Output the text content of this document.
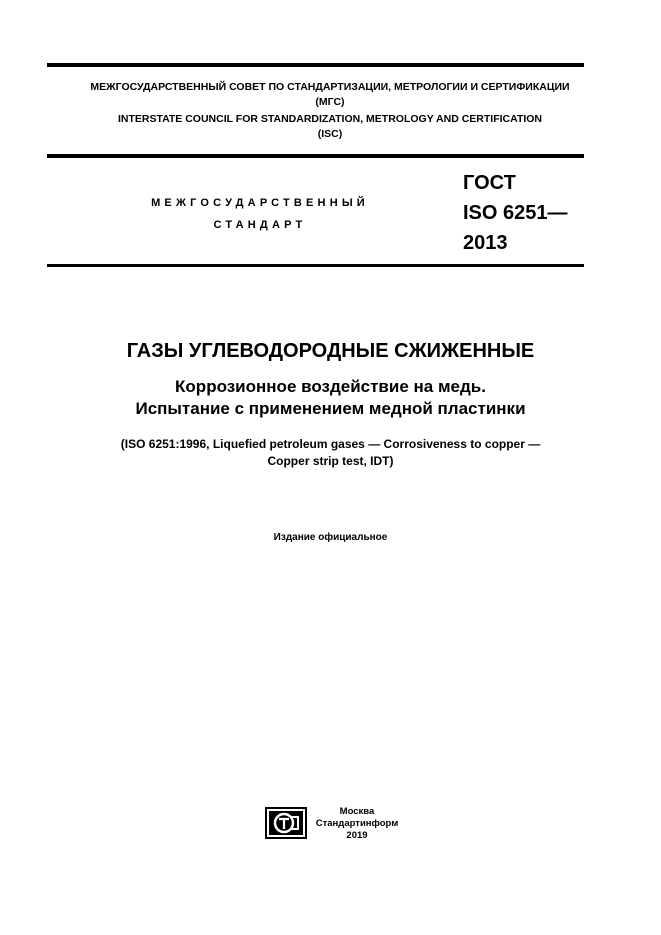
МЕЖГОСУДАРСТВЕННЫЙ СОВЕТ ПО СТАНДАРТИЗАЦИИ, МЕТРОЛОГИИ И СЕРТИФИКАЦИИ
(МГС)
INTERSTATE COUNCIL FOR STANDARDIZATION, METROLOGY AND CERTIFICATION
(ISC)
МЕЖГОСУДАРСТВЕННЫЙ
СТАНДАРТ
ГОСТ
ISO 6251—
2013
ГАЗЫ УГЛЕВОДОРОДНЫЕ СЖИЖЕННЫЕ
Коррозионное воздействие на медь.
Испытание с применением медной пластинки
(ISO 6251:1996, Liquefied petroleum gases — Corrosiveness to copper —
Copper strip test, IDT)
Издание официальное
Москва
Стандартинформ
2019
